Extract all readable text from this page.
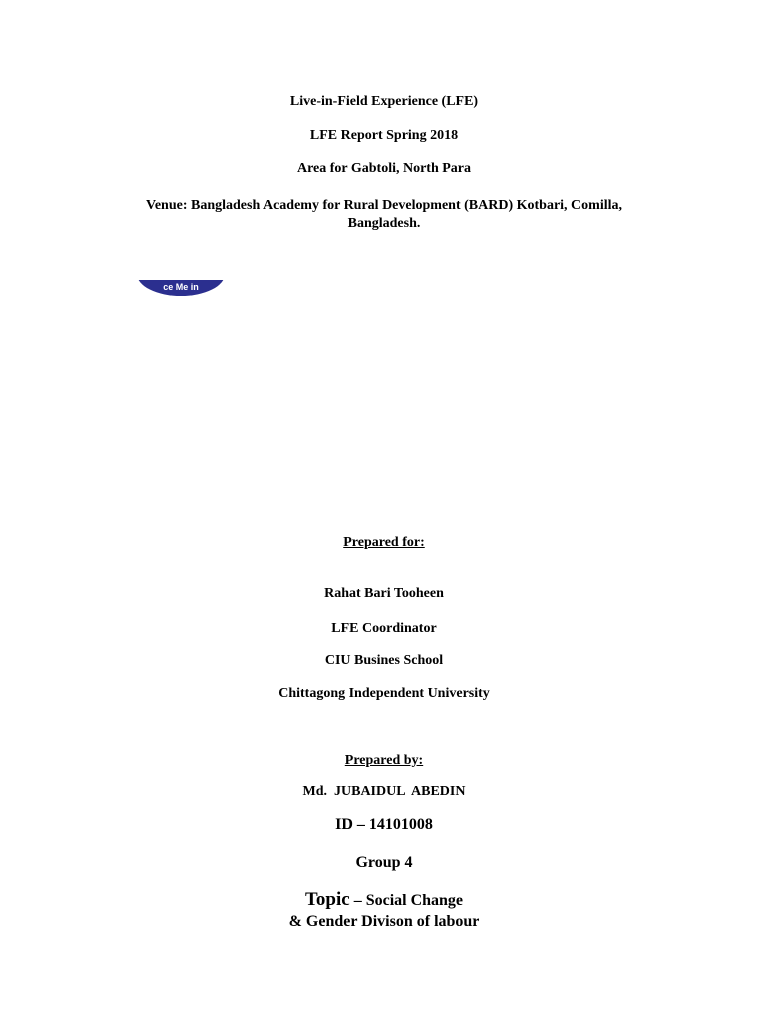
Live-in-Field Experience (LFE)
LFE Report Spring 2018
Area for Gabtoli, North Para
Venue: Bangladesh Academy for Rural Development (BARD) Kotbari, Comilla, Bangladesh.
ce Me in
Prepared for:
Rahat Bari Tooheen
LFE Coordinator
CIU Busines School
Chittagong Independent University
Prepared by:
Md.  JUBAIDUL  ABEDIN
ID – 14101008
Group 4
Topic – Social Change
& Gender Divison of labour
